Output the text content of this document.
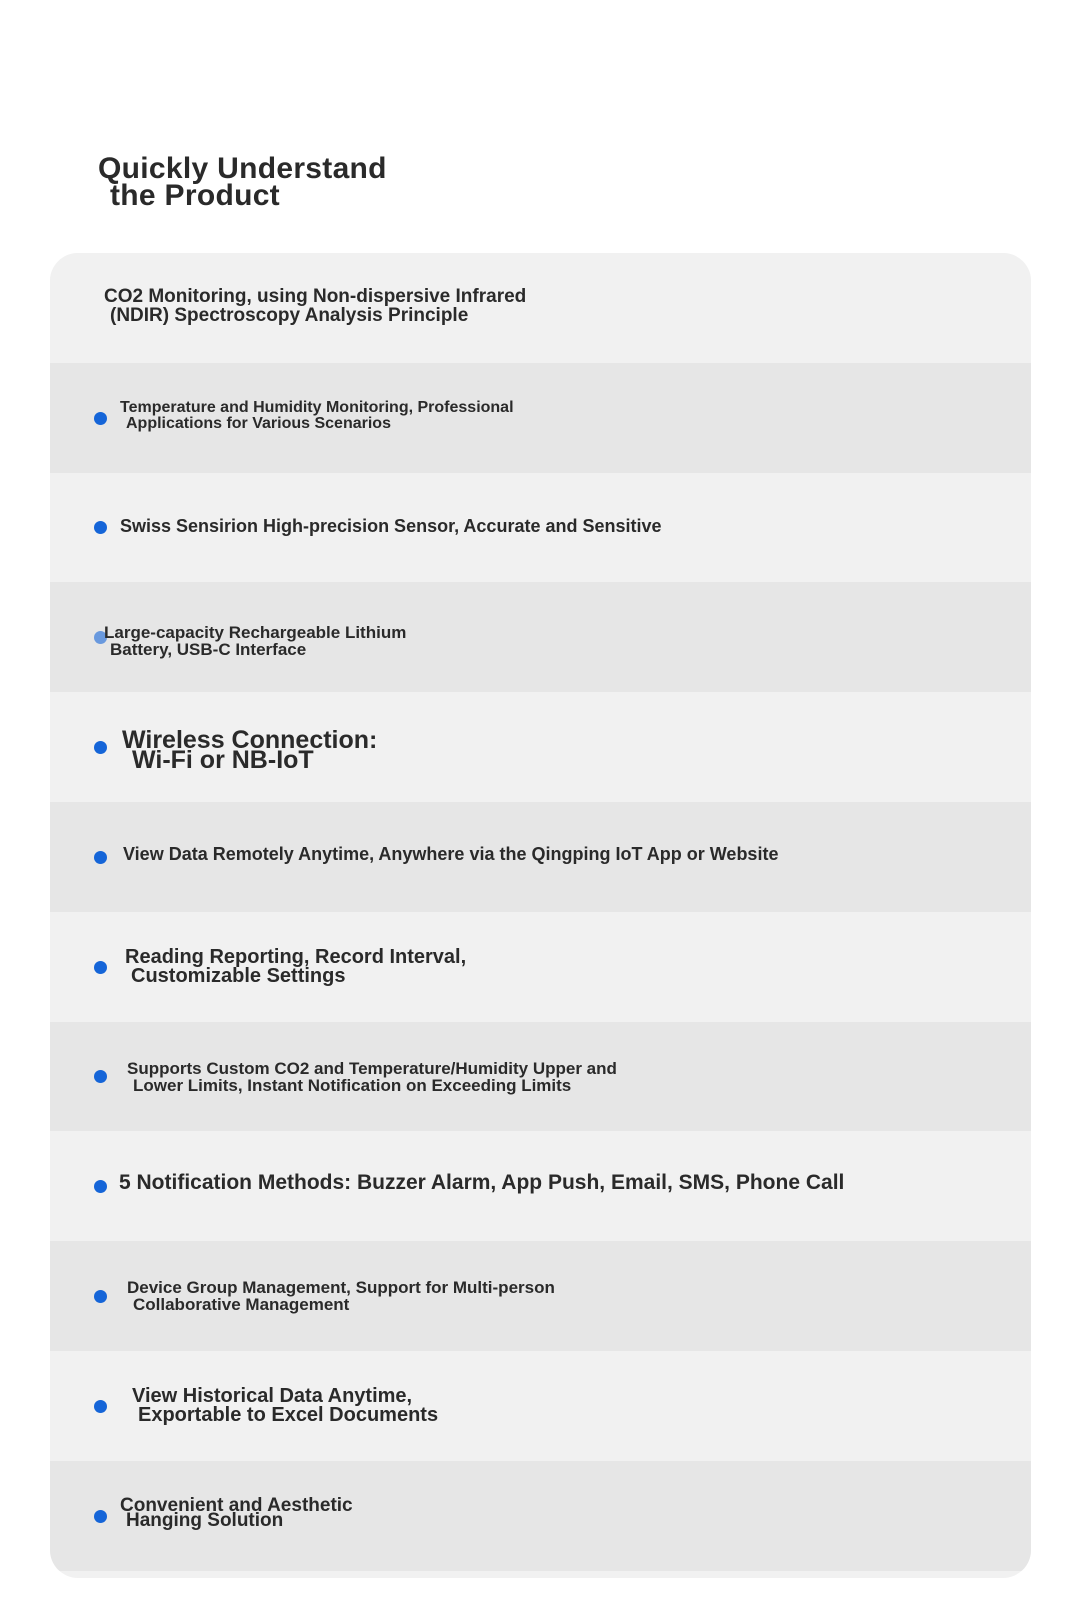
Quickly Understand
the Product
CO2 Monitoring, using Non-dispersive Infrared
(NDIR) Spectroscopy Analysis Principle
Temperature and Humidity Monitoring, Professional
Applications for Various Scenarios
Swiss Sensirion High-precision Sensor, Accurate and Sensitive
Large-capacity Rechargeable Lithium
Battery, USB-C Interface
Wireless Connection:
Wi-Fi or NB-IoT
View Data Remotely Anytime, Anywhere via the Qingping IoT App or Website
Reading Reporting, Record Interval,
Customizable Settings
Supports Custom CO2 and Temperature/Humidity Upper and
Lower Limits, Instant Notification on Exceeding Limits
5 Notification Methods: Buzzer Alarm, App Push, Email, SMS, Phone Call
Device Group Management, Support for Multi-person
Collaborative Management
View Historical Data Anytime,
Exportable to Excel Documents
Convenient and Aesthetic
Hanging Solution
